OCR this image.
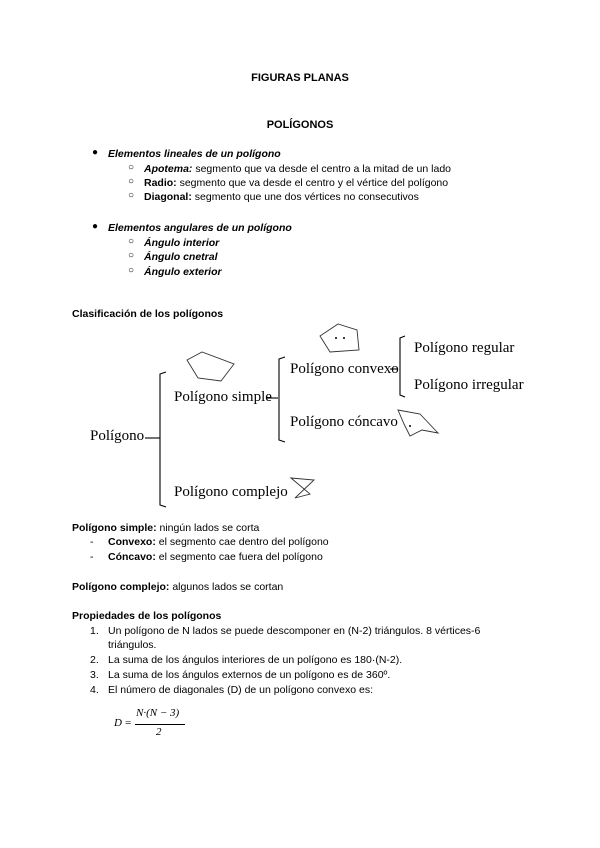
FIGURAS PLANAS
POLÍGONOS
● Elementos lineales de un polígono
○ Apotema: segmento que va desde el centro a la mitad de un lado
○ Radio: segmento que va desde el centro y el vértice del polígono
○ Diagonal: segmento que une dos vértices no consecutivos
● Elementos angulares de un polígono
○ Ángulo interior
○ Ángulo cnetral
○ Ángulo exterior
Clasificación de los polígonos
Polígono
Polígono simple
Polígono complejo
Polígono convexo
Polígono cóncavo
Polígono regular
Polígono irregular
Polígono simple: ningún lados se corta
- Convexo: el segmento cae dentro del polígono
- Cóncavo: el segmento cae fuera del polígono
Polígono complejo: algunos lados se cortan
Propiedades de los polígonos
1. Un polígono de N lados se puede descomponer en (N-2) triángulos. 8 vértices-6
triángulos.
2. La suma de los ángulos interiores de un polígono es 180·(N-2).
3. La suma de los ángulos externos de un polígono es de 360º.
4. El número de diagonales (D) de un polígono convexo es:
D =
N·(N − 3)
2
